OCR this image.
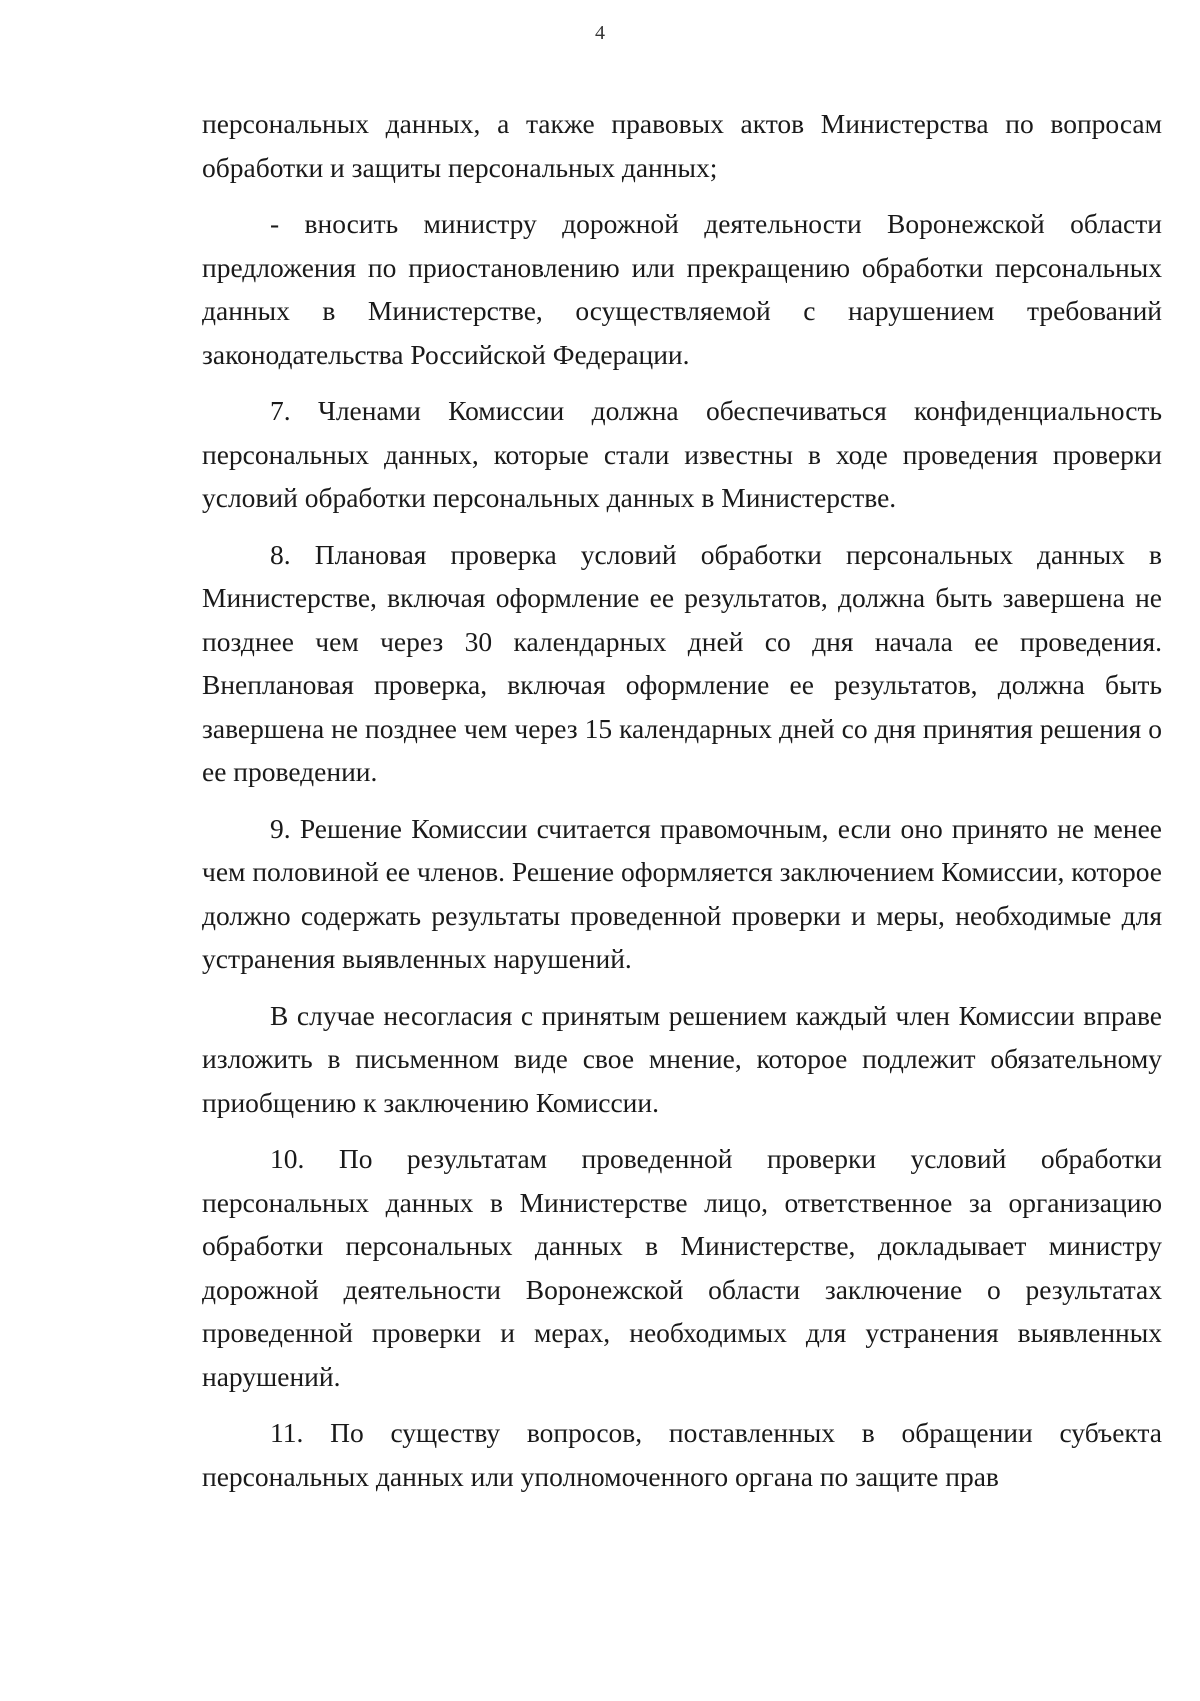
4

персональных данных, а также правовых актов Министерства по вопросам обработки и защиты персональных данных;

- вносить министру дорожной деятельности Воронежской области предложения по приостановлению или прекращению обработки персональных данных в Министерстве, осуществляемой с нарушением требований законодательства Российской Федерации.

7. Членами Комиссии должна обеспечиваться конфиденциальность персональных данных, которые стали известны в ходе проведения проверки условий обработки персональных данных в Министерстве.

8. Плановая проверка условий обработки персональных данных в Министерстве, включая оформление ее результатов, должна быть завершена не позднее чем через 30 календарных дней со дня начала ее проведения. Внеплановая проверка, включая оформление ее результатов, должна быть завершена не позднее чем через 15 календарных дней со дня принятия решения о ее проведении.

9. Решение Комиссии считается правомочным, если оно принято не менее чем половиной ее членов. Решение оформляется заключением Комиссии, которое должно содержать результаты проведенной проверки и меры, необходимые для устранения выявленных нарушений.

В случае несогласия с принятым решением каждый член Комиссии вправе изложить в письменном виде свое мнение, которое подлежит обязательному приобщению к заключению Комиссии.

10. По результатам проведенной проверки условий обработки персональных данных в Министерстве лицо, ответственное за организацию обработки персональных данных в Министерстве, докладывает министру дорожной деятельности Воронежской области заключение о результатах проведенной проверки и мерах, необходимых для устранения выявленных нарушений.

11. По существу вопросов, поставленных в обращении субъекта персональных данных или уполномоченного органа по защите прав
